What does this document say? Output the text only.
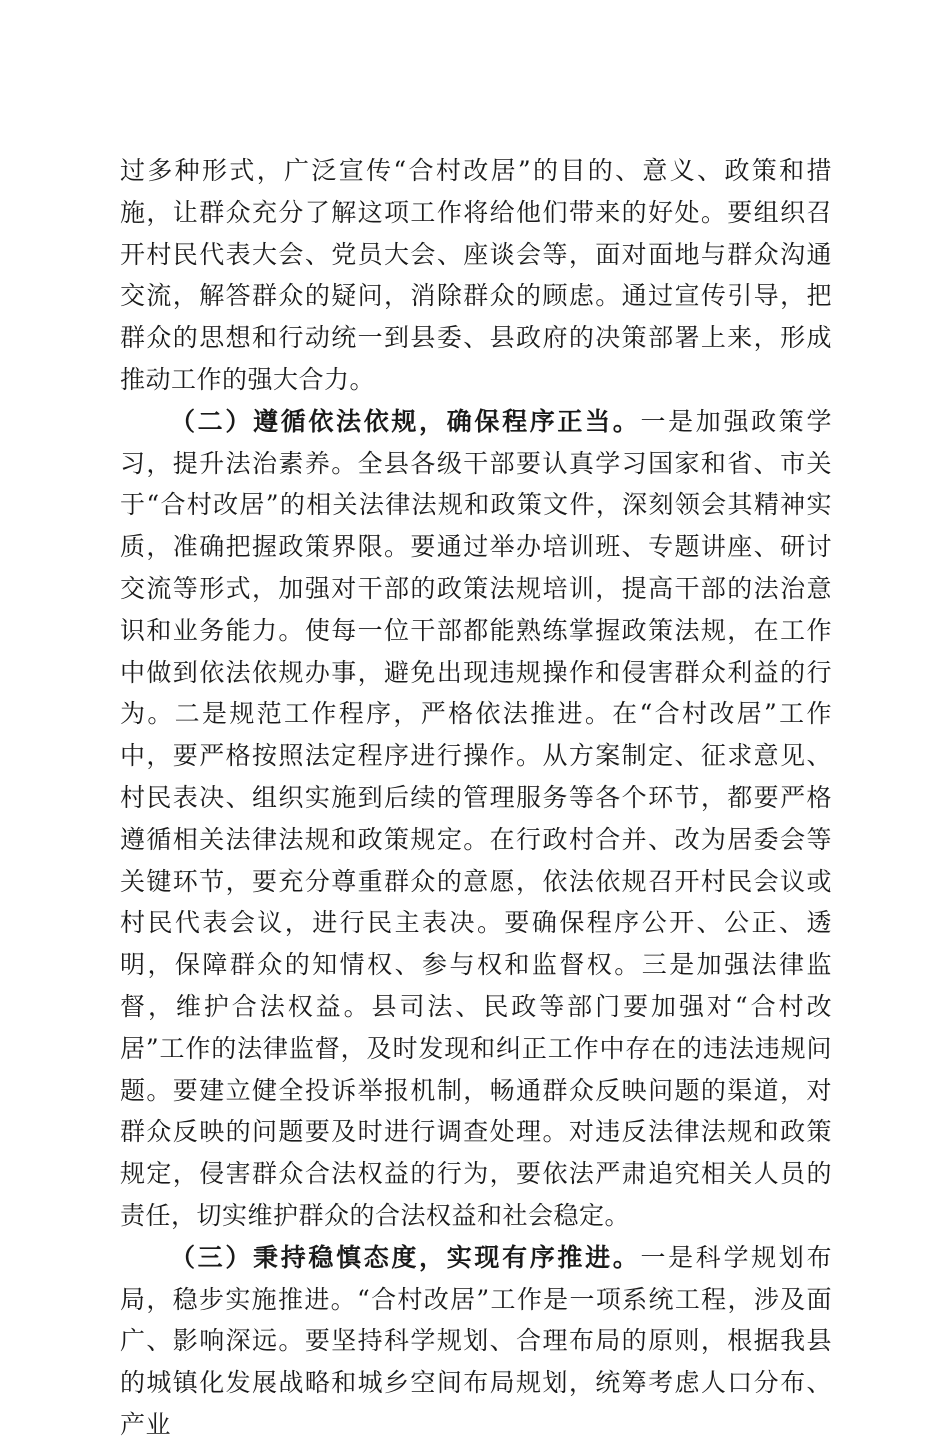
过多种形式，广泛宣传“合村改居”的目的、意义、政策和措施，让群众充分了解这项工作将给他们带来的好处。要组织召开村民代表大会、党员大会、座谈会等，面对面地与群众沟通交流，解答群众的疑问，消除群众的顾虑。通过宣传引导，把群众的思想和行动统一到县委、县政府的决策部署上来，形成推动工作的强大合力。

（二）遵循依法依规，确保程序正当。一是加强政策学习，提升法治素养。全县各级干部要认真学习国家和省、市关于“合村改居”的相关法律法规和政策文件，深刻领会其精神实质，准确把握政策界限。要通过举办培训班、专题讲座、研讨交流等形式，加强对干部的政策法规培训，提高干部的法治意识和业务能力。使每一位干部都能熟练掌握政策法规，在工作中做到依法依规办事，避免出现违规操作和侵害群众利益的行为。二是规范工作程序，严格依法推进。在“合村改居”工作中，要严格按照法定程序进行操作。从方案制定、征求意见、村民表决、组织实施到后续的管理服务等各个环节，都要严格遵循相关法律法规和政策规定。在行政村合并、改为居委会等关键环节，要充分尊重群众的意愿，依法依规召开村民会议或村民代表会议，进行民主表决。要确保程序公开、公正、透明，保障群众的知情权、参与权和监督权。三是加强法律监督，维护合法权益。县司法、民政等部门要加强对“合村改居”工作的法律监督，及时发现和纠正工作中存在的违法违规问题。要建立健全投诉举报机制，畅通群众反映问题的渠道，对群众反映的问题要及时进行调查处理。对违反法律法规和政策规定，侵害群众合法权益的行为，要依法严肃追究相关人员的责任，切实维护群众的合法权益和社会稳定。

（三）秉持稳慎态度，实现有序推进。一是科学规划布局，稳步实施推进。“合村改居”工作是一项系统工程，涉及面广、影响深远。要坚持科学规划、合理布局的原则，根据我县的城镇化发展战略和城乡空间布局规划，统筹考虑人口分布、产业
